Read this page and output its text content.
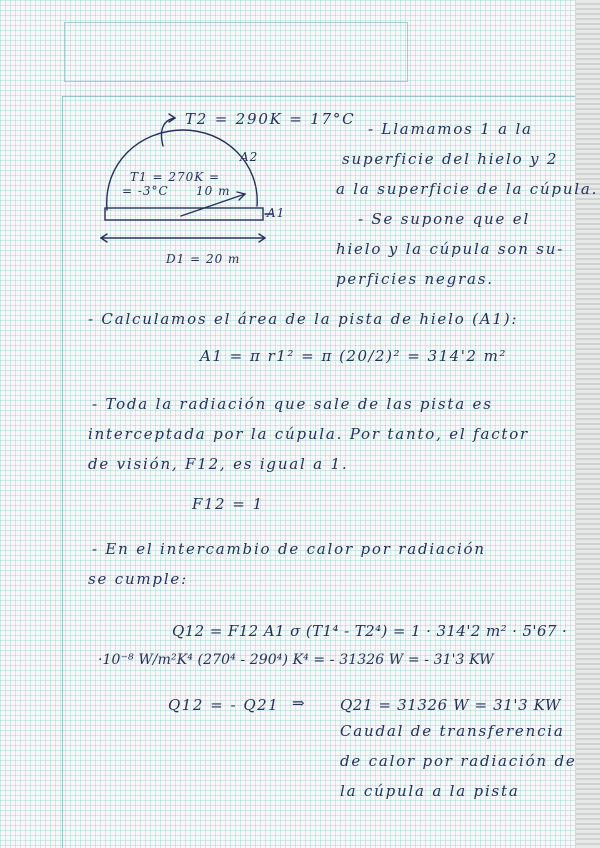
T2 = 290K = 17°C

A2

T1 = 270K =

= -3°C 10 m

A1

D1 = 20 m

- Llamamos 1 a la

superficie del hielo y 2

a la superficie de la cúpula.

- Se supone que el

hielo y la cúpula son su-

perficies negras.

- Calculamos el área de la pista de hielo (A1):

A1 = π r1² = π (20/2)² = 314'2 m²

- Toda la radiación que sale de las pista es

interceptada por la cúpula. Por tanto, el factor

de visión, F12, es igual a 1.

F12 = 1

- En el intercambio de calor por radiación

se cumple:

Q12 = F12 A1 σ (T1⁴ - T2⁴) = 1 · 314'2 m² · 5'67 ·

·10⁻⁸ W/m²K⁴ (270⁴ - 290⁴) K⁴ = - 31326 W = - 31'3 KW

Q12 = - Q21 ⇒ Q21 = 31326 W = 31'3 KW

Caudal de transferencia

de calor por radiación de

la cúpula a la pista
